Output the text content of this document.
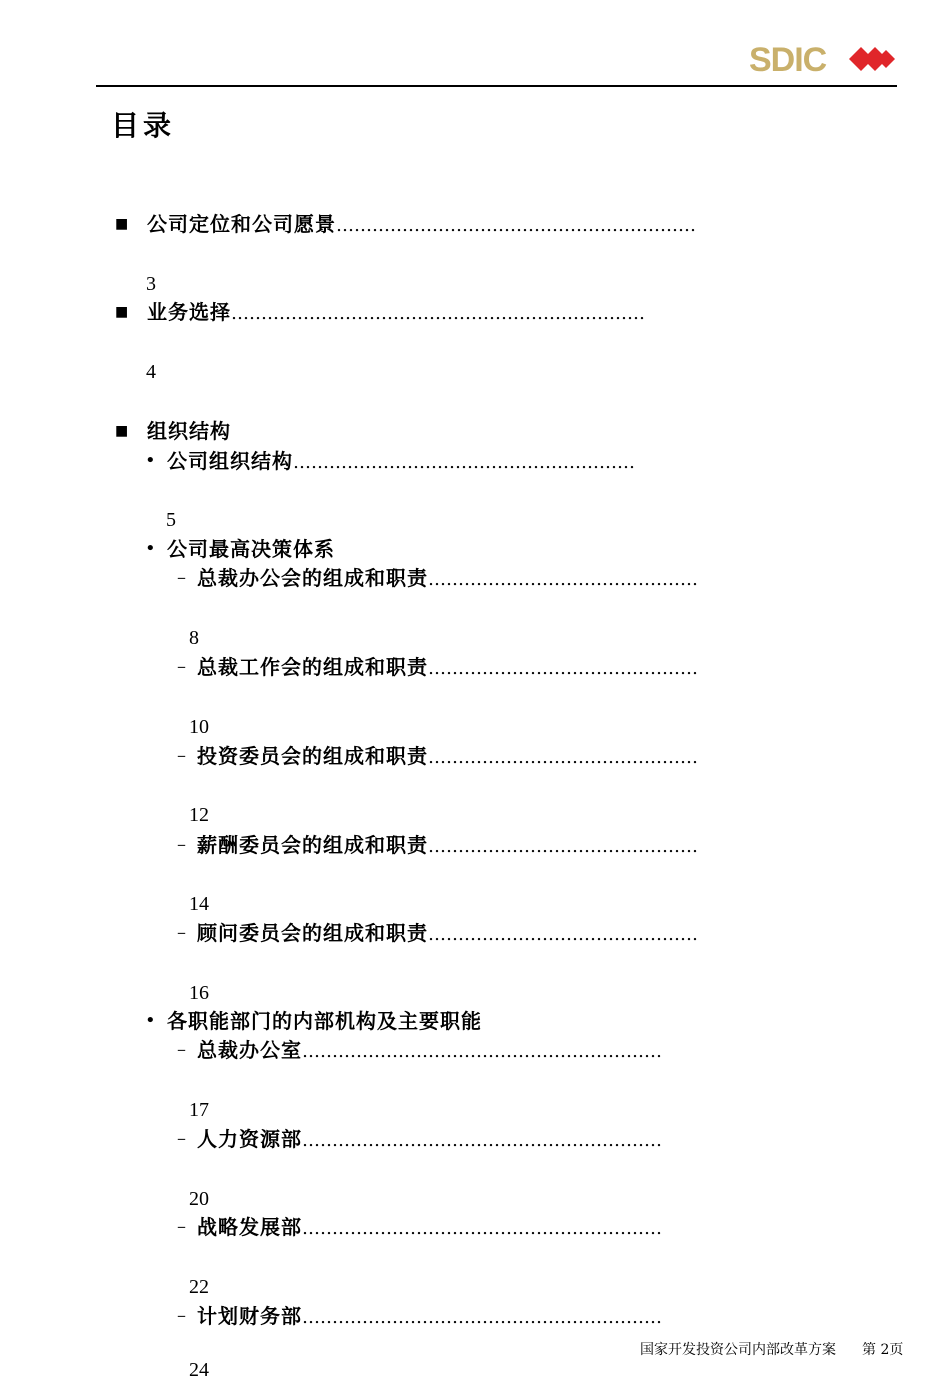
SDIC
目录
■ 公司定位和公司愿景……………………………………………………
3
■ 业务选择……………………………………………………………
4
■ 组织结构
• 公司组织结构…………………………………………………
5
• 公司最高决策体系
– 总裁办公会的组成和职责………………………………………
8
– 总裁工作会的组成和职责………………………………………
10
– 投资委员会的组成和职责………………………………………
12
– 薪酬委员会的组成和职责………………………………………
14
– 顾问委员会的组成和职责………………………………………
16
• 各职能部门的内部机构及主要职能
– 总裁办公室……………………………………………………
17
– 人力资源部……………………………………………………
20
– 战略发展部……………………………………………………
22
– 计划财务部……………………………………………………
24
国家开发投资公司内部改革方案 第 2页
